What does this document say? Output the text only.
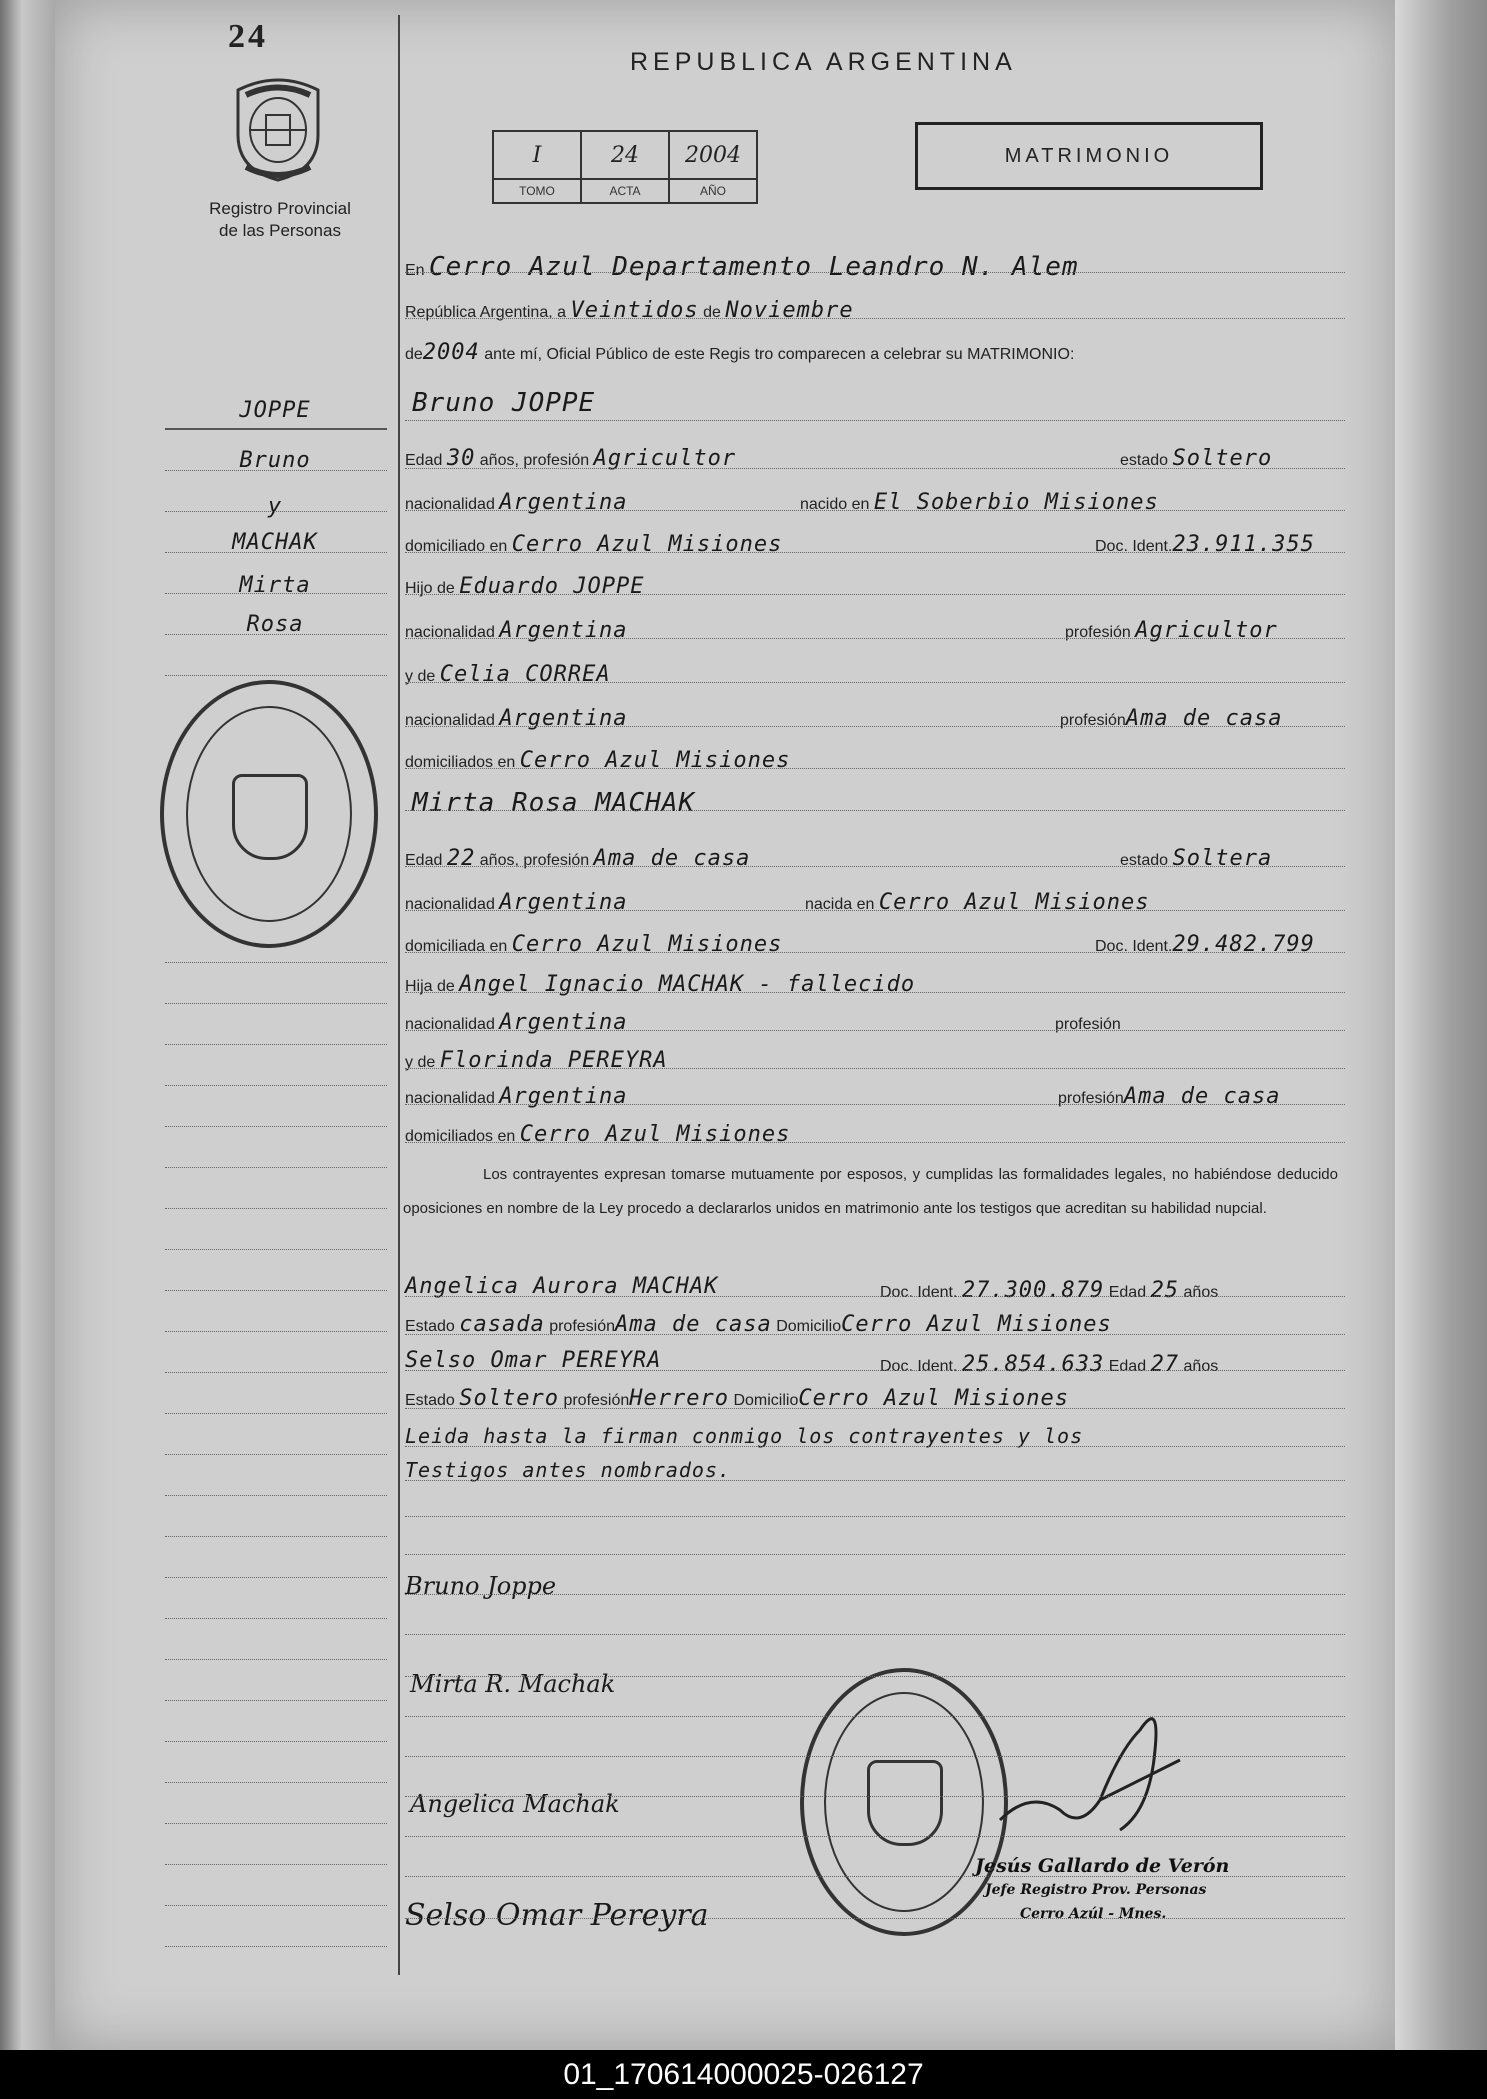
24
Registro Provincial
de las Personas
REPUBLICA ARGENTINA
I	24	2004
TOMO	ACTA	AÑO
MATRIMONIO
JOPPE
Bruno
y
MACHAK
Mirta
Rosa
En Cerro Azul Departamento Leandro N. Alem
República Argentina, a Veintidos de Noviembre
de2004 ante mí, Oficial Público de este Regis tro comparecen a celebrar su MATRIMONIO:
Bruno JOPPE
Edad 30 años, profesión Agricultor	estado Soltero
nacionalidad Argentina	nacido en El Soberbio Misiones
domiciliado en Cerro Azul Misiones	Doc. Ident.23.911.355
Hijo de Eduardo JOPPE
nacionalidad Argentina	profesión Agricultor
y de Celia CORREA
nacionalidad Argentina	profesiónAma de casa
domiciliados en Cerro Azul Misiones
Mirta Rosa MACHAK
Edad 22 años, profesión Ama de casa	estado Soltera
nacionalidad Argentina	nacida en Cerro Azul Misiones
domiciliada en Cerro Azul Misiones	Doc. Ident.29.482.799
Hija de Angel Ignacio MACHAK - fallecido
nacionalidad Argentina	profesión
y de Florinda PEREYRA
nacionalidad Argentina	profesiónAma de casa
domiciliados en Cerro Azul Misiones
Los contrayentes expresan tomarse mutuamente por esposos, y cumplidas las formalidades legales, no habiéndose deducido oposiciones en nombre de la Ley procedo a declararlos unidos en matrimonio ante los testigos que acreditan su habilidad nupcial.
Angelica Aurora MACHAK	Doc. Ident. 27.300.879 Edad 25 años
Estado casada profesiónAma de casa DomicilioCerro Azul Misiones
Selso Omar PEREYRA	Doc. Ident. 25.854.633 Edad 27 años
Estado Soltero profesiónHerrero DomicilioCerro Azul Misiones
Leida hasta la firman conmigo los contrayentes y los
Testigos antes nombrados.
Bruno Joppe
Mirta R. Machak
Angelica Machak
Selso Omar Pereyra
Jesús Gallardo de Verón
Jefe Registro Prov. Personas
Cerro Azúl - Mnes.
01_170614000025-026127
